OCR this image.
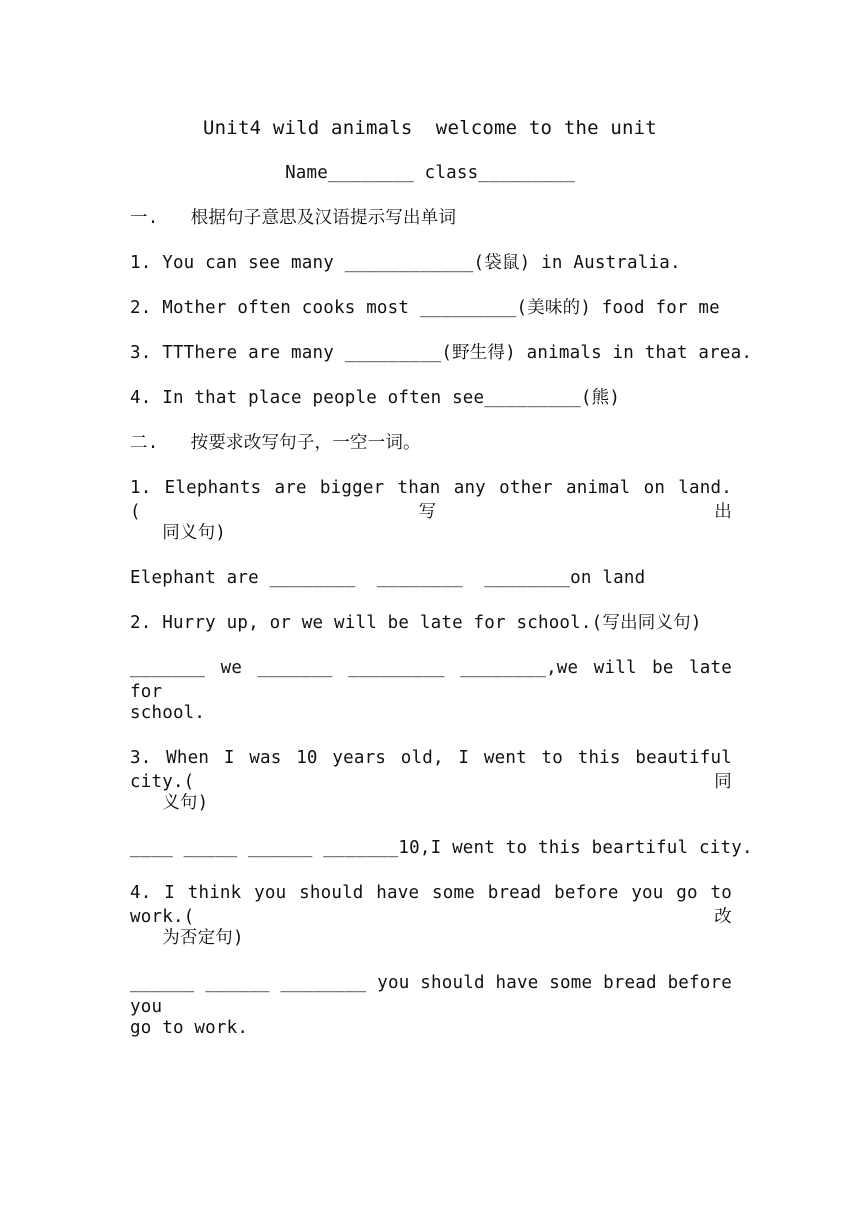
Unit4 wild animals  welcome to the unit
Name________ class_________
一.   根据句子意思及汉语提示写出单词
1. You can see many ____________(袋鼠) in Australia.
2. Mother often cooks most _________(美味的) food for me
3. TTThere are many _________(野生得) animals in that area.
4. In that place people often see_________(熊)
二.   按要求改写句子，一空一词。
1. Elephants are bigger than any other animal on land.(写出
同义句)
Elephant are ________  ________  ________on land
2. Hurry up, or we will be late for school.(写出同义句)
_______ we _______ _________ ________,we will be late for
school.
3. When I was 10 years old, I went to this beautiful city.(同
义句)
____ _____ ______ _______10,I went to this beartiful city.
4. I think you should have some bread before you go to work.(改
为否定句)
______ ______ ________ you should have some bread before you
go to work.
